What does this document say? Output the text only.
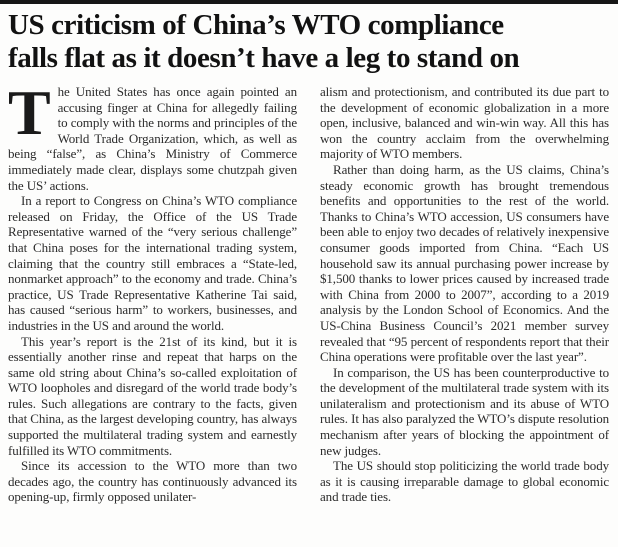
US criticism of China’s WTO compliance
falls flat as it doesn’t have a leg to stand on

The United States has once again pointed an accusing finger at China for allegedly failing to comply with the norms and principles of the World Trade Organization, which, as well as being “false”, as China’s Ministry of Commerce immediately made clear, displays some chutzpah given the US’ actions.

In a report to Congress on China’s WTO compliance released on Friday, the Office of the US Trade Representative warned of the “very serious challenge” that China poses for the international trading system, claiming that the country still embraces a “State-led, nonmarket approach” to the economy and trade. China’s practice, US Trade Representative Katherine Tai said, has caused “serious harm” to workers, businesses, and industries in the US and around the world.

This year’s report is the 21st of its kind, but it is essentially another rinse and repeat that harps on the same old string about China’s so-called exploitation of WTO loopholes and disregard of the world trade body’s rules. Such allegations are contrary to the facts, given that China, as the largest developing country, has always supported the multilateral trading system and earnestly fulfilled its WTO commitments.

Since its accession to the WTO more than two decades ago, the country has continuously advanced its opening-up, firmly opposed unilater-

alism and protectionism, and contributed its due part to the development of economic globalization in a more open, inclusive, balanced and win-win way. All this has won the country acclaim from the overwhelming majority of WTO members.

Rather than doing harm, as the US claims, China’s steady economic growth has brought tremendous benefits and opportunities to the rest of the world. Thanks to China’s WTO accession, US consumers have been able to enjoy two decades of relatively inexpensive consumer goods imported from China. “Each US household saw its annual purchasing power increase by $1,500 thanks to lower prices caused by increased trade with China from 2000 to 2007”, according to a 2019 analysis by the London School of Economics. And the US-China Business Council’s 2021 member survey revealed that “95 percent of respondents report that their China operations were profitable over the last year”.

In comparison, the US has been counterproductive to the development of the multilateral trade system with its unilateralism and protectionism and its abuse of WTO rules. It has also paralyzed the WTO’s dispute resolution mechanism after years of blocking the appointment of new judges.

The US should stop politicizing the world trade body as it is causing irreparable damage to global economic and trade ties.
